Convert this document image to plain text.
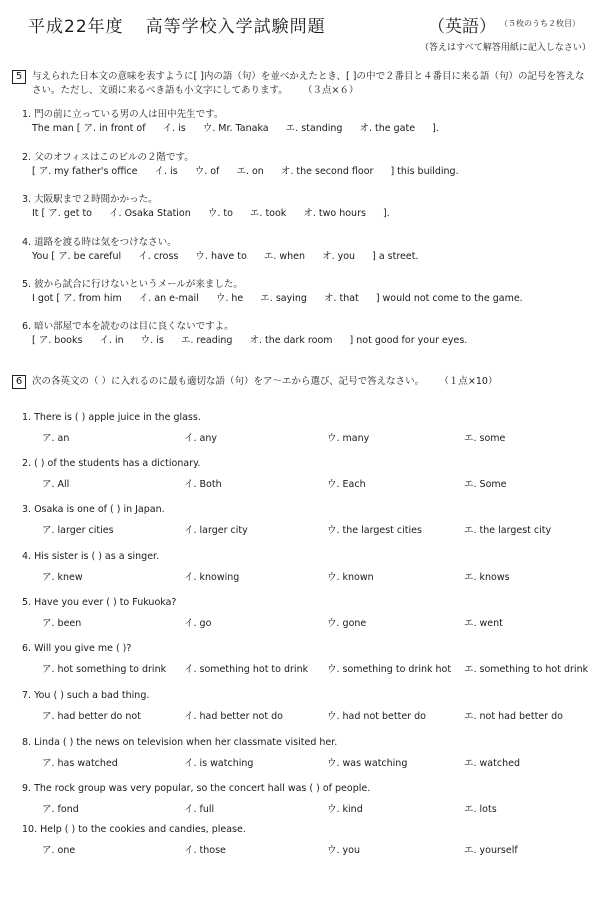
平成22年度 高等学校入学試験問題	（英語） （５枚のうち２枚目）
（答えはすべて解答用紙に記入しなさい）
5 与えられた日本文の意味を表すように[ ]内の語（句）を並べかえたとき、[ ]の中で２番目と４番目に来る語（句）の記号を答えなさい。ただし、文頭に来るべき語も小文字にしてあります。 （３点×６）
1. 門の前に立っている男の人は田中先生です。
The man [ ア. in front of イ. is ウ. Mr. Tanaka エ. standing オ. the gate ].
2. 父のオフィスはこのビルの２階です。
[ ア. my father's office イ. is ウ. of エ. on オ. the second floor ] this building.
3. 大阪駅まで２時間かかった。
It [ ア. get to イ. Osaka Station ウ. to エ. took オ. two hours ].
4. 道路を渡る時は気をつけなさい。
You [ ア. be careful イ. cross ウ. have to エ. when オ. you ] a street.
5. 彼から試合に行けないというメールが来ました。
I got [ ア. from him イ. an e-mail ウ. he エ. saying オ. that ] would not come to the game.
6. 暗い部屋で本を読むのは目に良くないですよ。
[ ア. books イ. in ウ. is エ. reading オ. the dark room ] not good for your eyes.
6 次の各英文の（ ）に入れるのに最も適切な語（句）をア～エから選び、記号で答えなさい。 （１点×10）
1. There is ( ) apple juice in the glass.
ア. an	イ. any	ウ. many	エ. some
2. ( ) of the students has a dictionary.
ア. All	イ. Both	ウ. Each	エ. Some
3. Osaka is one of ( ) in Japan.
ア. larger cities	イ. larger city	ウ. the largest cities	エ. the largest city
4. His sister is ( ) as a singer.
ア. knew	イ. knowing	ウ. known	エ. knows
5. Have you ever ( ) to Fukuoka?
ア. been	イ. go	ウ. gone	エ. went
6. Will you give me ( )?
ア. hot something to drink イ. something hot to drink ウ. something to drink hot エ. something to hot drink
7. You ( ) such a bad thing.
ア. had better do not	イ. had better not do	ウ. had not better do	エ. not had better do
8. Linda ( ) the news on television when her classmate visited her.
ア. has watched	イ. is watching	ウ. was watching	エ. watched
9. The rock group was very popular, so the concert hall was ( ) of people.
ア. fond	イ. full	ウ. kind	エ. lots
10. Help ( ) to the cookies and candies, please.
ア. one	イ. those	ウ. you	エ. yourself
